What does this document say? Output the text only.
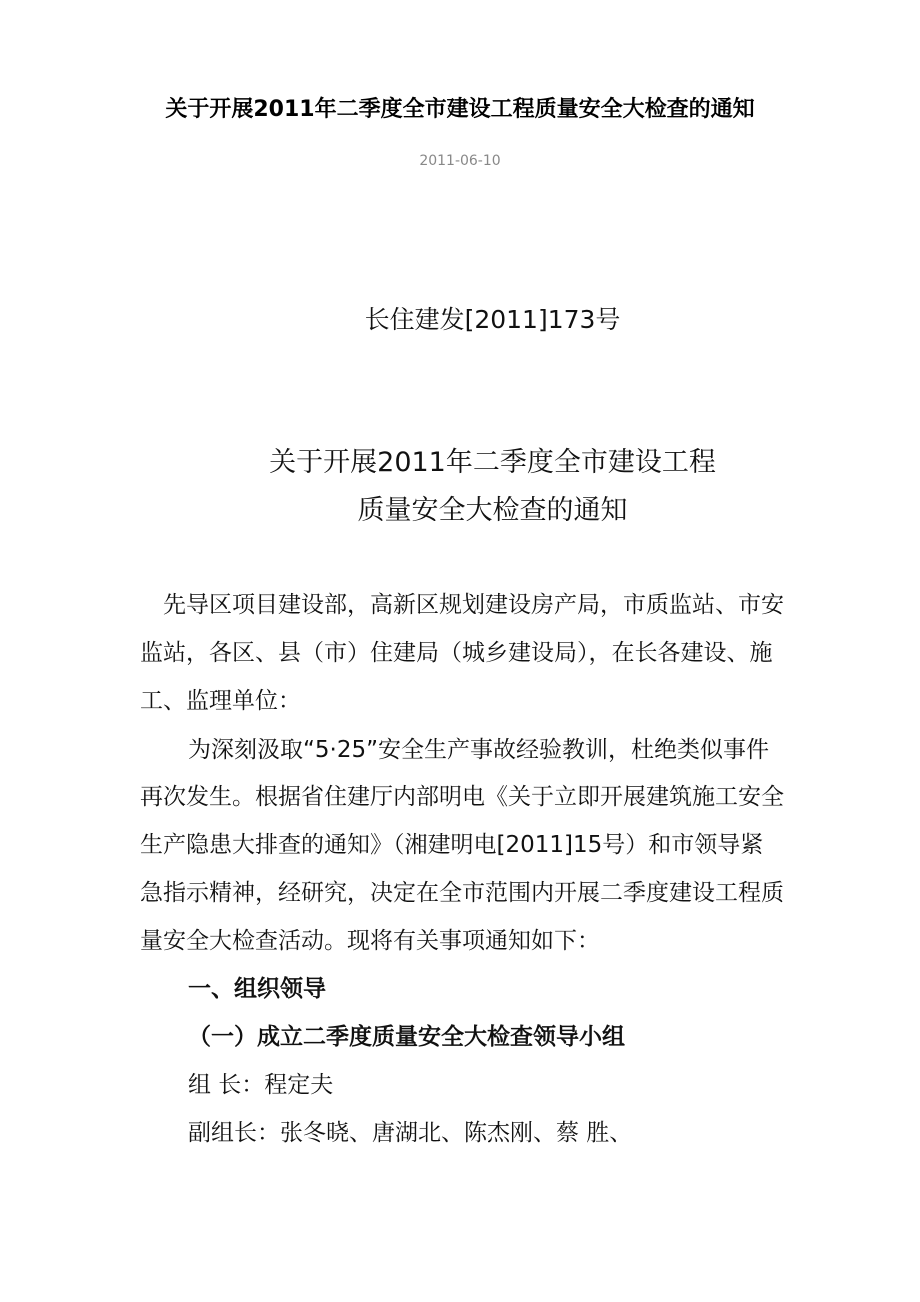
关于开展2011年二季度全市建设工程质量安全大检查的通知
2011-06-10
长住建发[2011]173号
关于开展2011年二季度全市建设工程
质量安全大检查的通知
先导区项目建设部，高新区规划建设房产局，市质监站、市安
监站，各区、县（市）住建局（城乡建设局），在长各建设、施
工、监理单位：
为深刻汲取“5·25”安全生产事故经验教训，杜绝类似事件
再次发生。根据省住建厅内部明电《关于立即开展建筑施工安全
生产隐患大排查的通知》（湘建明电[2011]15号）和市领导紧
急指示精神，经研究，决定在全市范围内开展二季度建设工程质
量安全大检查活动。现将有关事项通知如下：
一、组织领导
（一）成立二季度质量安全大检查领导小组
组 长：程定夫
副组长：张冬晓、唐湖北、陈杰刚、蔡 胜、
